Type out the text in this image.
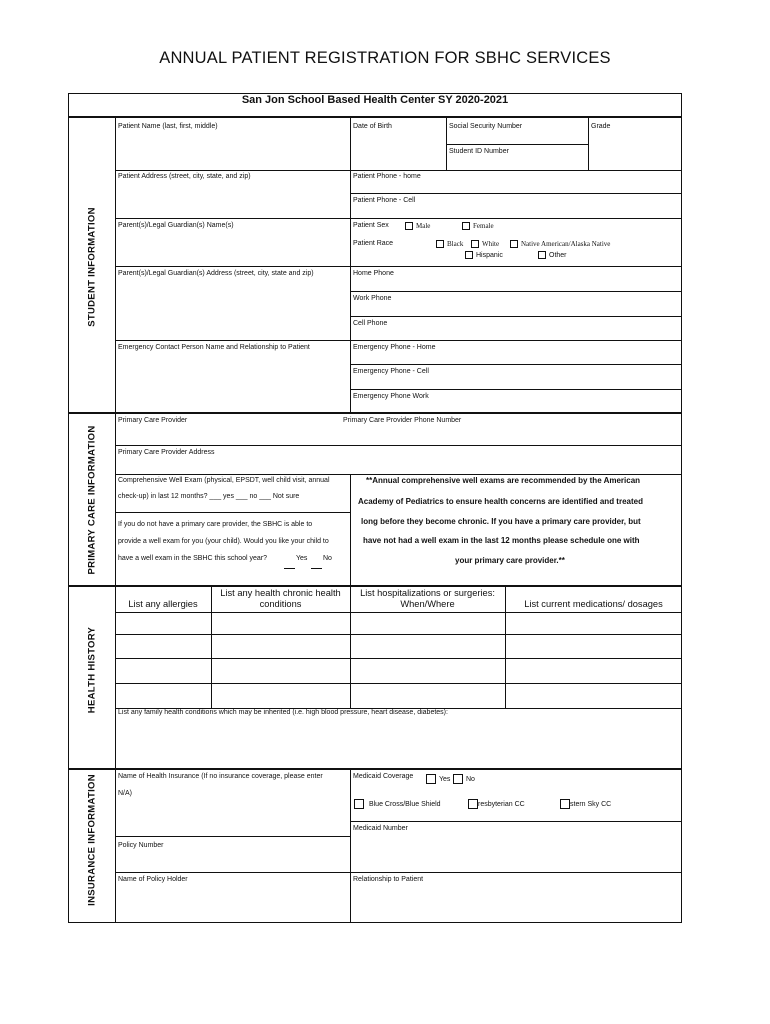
ANNUAL PATIENT REGISTRATION FOR SBHC SERVICES
San Jon School Based Health Center SY 2020-2021
STUDENT INFORMATION
PRIMARY CARE INFORMATION
HEALTH HISTORY
INSURANCE INFORMATION
Patient Name (last, first, middle)	Date of Birth	Social Security Number	Grade
Student ID Number
Patient Address (street, city, state, and zip)	Patient Phone - home
Patient Phone - Cell
Parent(s)/Legal Guardian(s) Name(s)	Patient Sex	Male	Female
Patient Race	Black	White	Native American/Alaska Native
Hispanic	Other
Parent(s)/Legal Guardian(s) Address (street, city, state and zip)	Home Phone
Work Phone
Cell Phone
Emergency Contact Person Name and Relationship to Patient	Emergency Phone - Home
Emergency Phone - Cell
Emergency Phone Work
Primary Care Provider	Primary Care Provider Phone Number
Primary Care Provider Address
Comprehensive Well Exam (physical, EPSDT, well child visit, annual
check-up) in last 12 months? ___ yes ___ no ___ Not sure
If you do not have a primary care provider, the SBHC is able to
provide a well exam for you (your child). Would you like your child to
have a well exam in the SBHC this school year?	Yes No
**Annual comprehensive well exams are recommended by the American
Academy of Pediatrics to ensure health concerns are identified and treated
long before they become chronic. If you have a primary care provider, but
have not had a well exam in the last 12 months please schedule one with
your primary care provider.**
List any allergies
List any health chronic health
conditions
List hospitalizations or surgeries:
When/Where	List current medications/ dosages
List any family health conditions which may be inherited (i.e. high blood pressure, heart disease, diabetes):
Name of Health Insurance (If no insurance coverage, please enter
N/A)
Medicaid Coverage	Yes	No
Blue Cross/Blue Shield	resbyterian CC	stern Sky CC
Medicaid Number
Policy Number
Name of Policy Holder	Relationship to Patient
